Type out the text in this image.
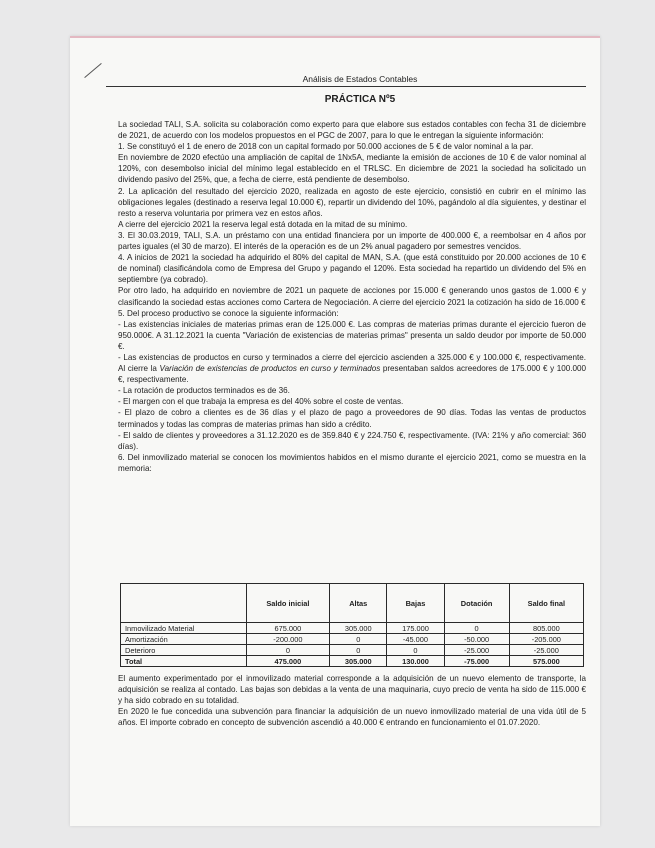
Análisis de Estados Contables
PRÁCTICA Nº5

La sociedad TALI, S.A. solicita su colaboración como experto para que elabore sus estados contables con fecha 31 de diciembre de 2021, de acuerdo con los modelos propuestos en el PGC de 2007, para lo que le entregan la siguiente información:

1. Se constituyó el 1 de enero de 2018 con un capital formado por 50.000 acciones de 5 € de valor nominal a la par.

En noviembre de 2020 efectúo una ampliación de capital de 1Nx5A, mediante la emisión de acciones de 10 € de valor nominal al 120%, con desembolso inicial del mínimo legal establecido en el TRLSC. En diciembre de 2021 la sociedad ha solicitado un dividendo pasivo del 25%, que, a fecha de cierre, está pendiente de desembolso.

2. La aplicación del resultado del ejercicio 2020, realizada en agosto de este ejercicio, consistió en cubrir en el mínimo las obligaciones legales (destinado a reserva legal 10.000 €), repartir un dividendo del 10%, pagándolo al día siguientes, y destinar el resto a reserva voluntaria por primera vez en estos años.

A cierre del ejercicio 2021 la reserva legal está dotada en la mitad de su mínimo.

3. El 30.03.2019, TALI, S.A. un préstamo con una entidad financiera por un importe de 400.000 €, a reembolsar en 4 años por partes iguales (el 30 de marzo). El interés de la operación es de un 2% anual pagadero por semestres vencidos.

4. A inicios de 2021 la sociedad ha adquirido el 80% del capital de MAN, S.A. (que está constituido por 20.000 acciones de 10 € de nominal) clasificándola como de Empresa del Grupo y pagando el 120%. Esta sociedad ha repartido un dividendo del 5% en septiembre (ya cobrado).

Por otro lado, ha adquirido en noviembre de 2021 un paquete de acciones por 15.000 € generando unos gastos de 1.000 € y clasificando la sociedad estas acciones como Cartera de Negociación. A cierre del ejercicio 2021 la cotización ha sido de 16.000 €

5. Del proceso productivo se conoce la siguiente información:

- Las existencias iniciales de materias primas eran de 125.000 €. Las compras de materias primas durante el ejercicio fueron de 950.000€. A 31.12.2021 la cuenta "Variación de existencias de materias primas" presenta un saldo deudor por importe de 50.000 €.

- Las existencias de productos en curso y terminados a cierre del ejercicio ascienden a 325.000 € y 100.000 €, respectivamente. Al cierre la Variación de existencias de productos en curso y terminados presentaban saldos acreedores de 175.000 € y 100.000 €, respectivamente.

- La rotación de productos terminados es de 36.

- El margen con el que trabaja la empresa es del 40% sobre el coste de ventas.

- El plazo de cobro a clientes es de 36 días y el plazo de pago a proveedores de 90 días. Todas las ventas de productos terminados y todas las compras de materias primas han sido a crédito.

- El saldo de clientes y proveedores a 31.12.2020 es de 359.840 € y 224.750 €, respectivamente. (IVA: 21% y año comercial: 360 días).

6. Del inmovilizado material se conocen los movimientos habidos en el mismo durante el ejercicio 2021, como se muestra en la memoria:

	Saldo inicial	Altas	Bajas	Dotación	Saldo final
Inmovilizado Material	675.000	305.000	175.000	0	805.000
Amortización	-200.000	0	-45.000	-50.000	-205.000
Deterioro	0	0	0	-25.000	-25.000
Total	475.000	305.000	130.000	-75.000	575.000

El aumento experimentado por el inmovilizado material corresponde a la adquisición de un nuevo elemento de transporte, la adquisición se realiza al contado. Las bajas son debidas a la venta de una maquinaria, cuyo precio de venta ha sido de 115.000 € y ha sido cobrado en su totalidad.

En 2020 le fue concedida una subvención para financiar la adquisición de un nuevo inmovilizado material de una vida útil de 5 años. El importe cobrado en concepto de subvención ascendió a 40.000 € entrando en funcionamiento el 01.07.2020.
